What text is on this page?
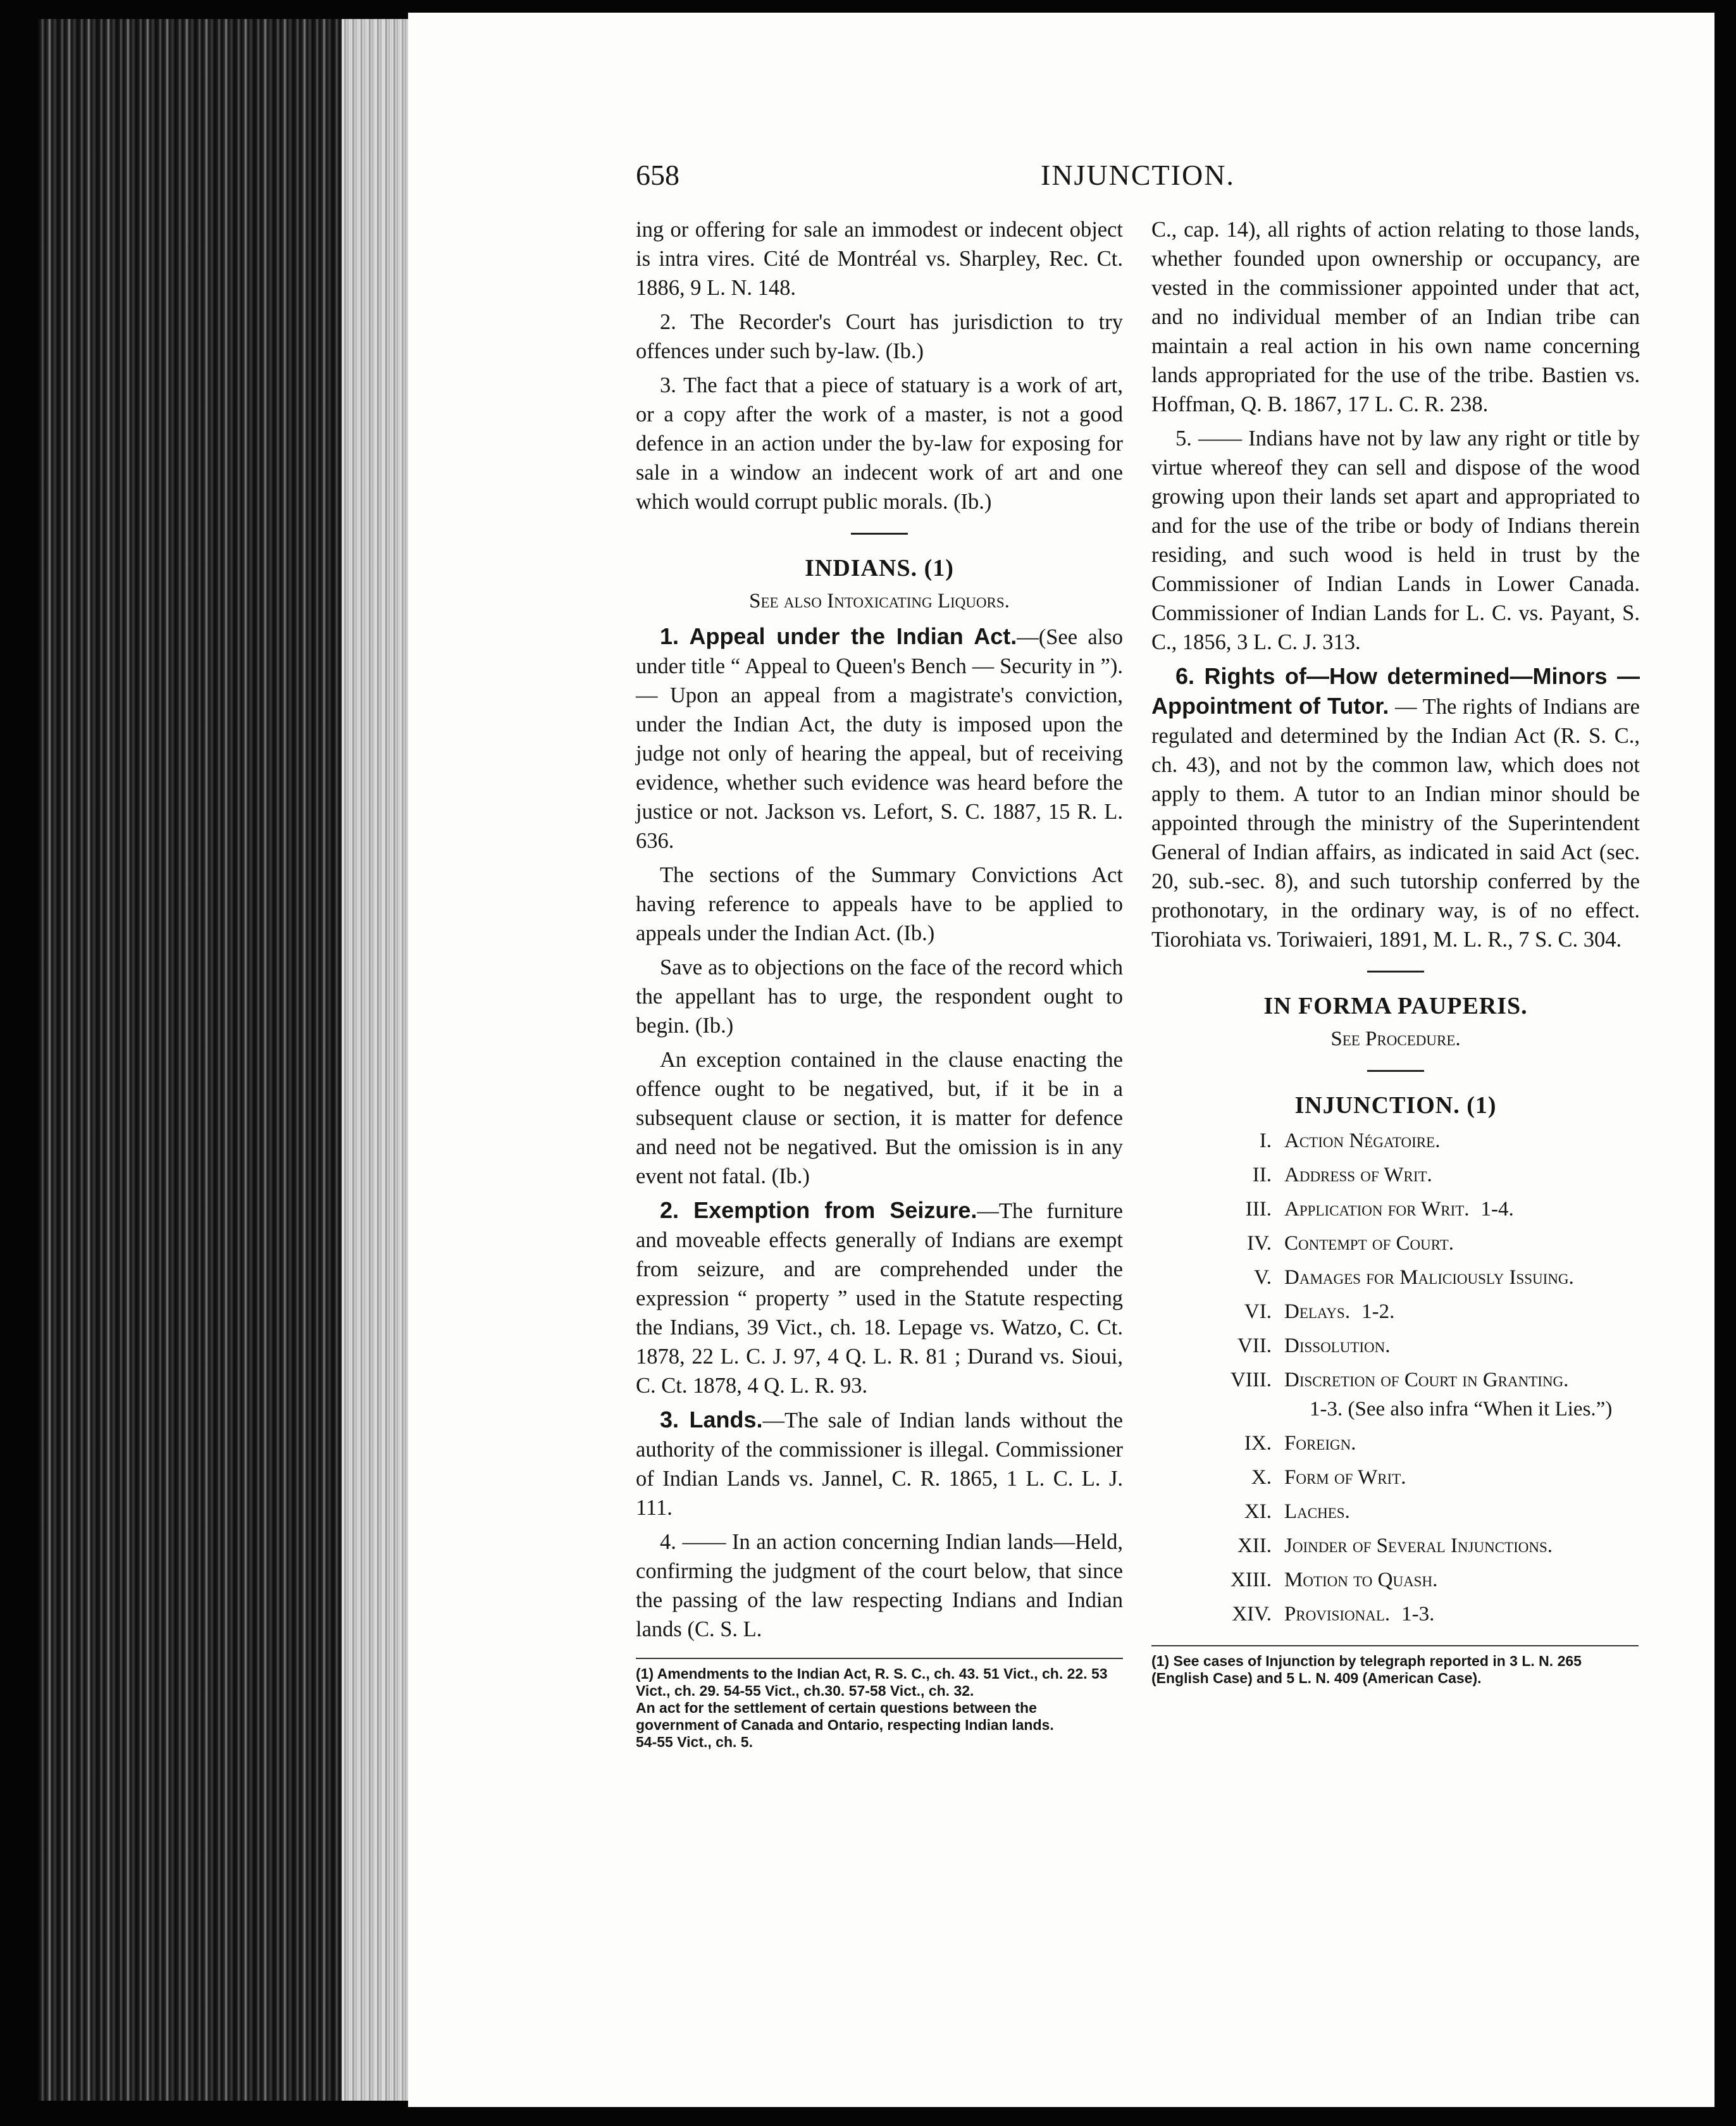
658	INJUNCTION.

ing or offering for sale an immodest or indecent object is intra vires. Cité de Montréal vs. Sharpley, Rec. Ct. 1886, 9 L. N. 148.

2. The Recorder's Court has jurisdiction to try offences under such by-law. (Ib.)

3. The fact that a piece of statuary is a work of art, or a copy after the work of a master, is not a good defence in an action under the by-law for exposing for sale in a window an indecent work of art and one which would corrupt public morals. (Ib.)

INDIANS. (1)
See also Intoxicating Liquors.

1. Appeal under the Indian Act.—(See also under title “ Appeal to Queen's Bench — Security in ”). — Upon an appeal from a magistrate's conviction, under the Indian Act, the duty is imposed upon the judge not only of hearing the appeal, but of receiving evidence, whether such evidence was heard before the justice or not. Jackson vs. Lefort, S. C. 1887, 15 R. L. 636.

The sections of the Summary Convictions Act having reference to appeals have to be applied to appeals under the Indian Act. (Ib.)

Save as to objections on the face of the record which the appellant has to urge, the respondent ought to begin. (Ib.)

An exception contained in the clause enacting the offence ought to be negatived, but, if it be in a subsequent clause or section, it is matter for defence and need not be negatived. But the omission is in any event not fatal. (Ib.)

2. Exemption from Seizure.—The furniture and moveable effects generally of Indians are exempt from seizure, and are comprehended under the expression “ property ” used in the Statute respecting the Indians, 39 Vict., ch. 18. Lepage vs. Watzo, C. Ct. 1878, 22 L. C. J. 97, 4 Q. L. R. 81 ; Durand vs. Sioui, C. Ct. 1878, 4 Q. L. R. 93.

3. Lands.—The sale of Indian lands without the authority of the commissioner is illegal. Commissioner of Indian Lands vs. Jannel, C. R. 1865, 1 L. C. L. J. 111.

4. —— In an action concerning Indian lands—Held, confirming the judgment of the court below, that since the passing of the law respecting Indians and Indian lands (C. S. L.

(1) Amendments to the Indian Act, R. S. C., ch. 43. 51 Vict., ch. 22. 53 Vict., ch. 29. 54-55 Vict., ch.30. 57-58 Vict., ch. 32.
An act for the settlement of certain questions between the government of Canada and Ontario, respecting Indian lands.
54-55 Vict., ch. 5.

C., cap. 14), all rights of action relating to those lands, whether founded upon ownership or occupancy, are vested in the commissioner appointed under that act, and no individual member of an Indian tribe can maintain a real action in his own name concerning lands appropriated for the use of the tribe. Bastien vs. Hoffman, Q. B. 1867, 17 L. C. R. 238.

5. —— Indians have not by law any right or title by virtue whereof they can sell and dispose of the wood growing upon their lands set apart and appropriated to and for the use of the tribe or body of Indians therein residing, and such wood is held in trust by the Commissioner of Indian Lands in Lower Canada. Commissioner of Indian Lands for L. C. vs. Payant, S. C., 1856, 3 L. C. J. 313.

6. Rights of—How determined—Minors — Appointment of Tutor. — The rights of Indians are regulated and determined by the Indian Act (R. S. C., ch. 43), and not by the common law, which does not apply to them. A tutor to an Indian minor should be appointed through the ministry of the Superintendent General of Indian affairs, as indicated in said Act (sec. 20, sub.-sec. 8), and such tutorship conferred by the prothonotary, in the ordinary way, is of no effect. Tiorohiata vs. Toriwaieri, 1891, M. L. R., 7 S. C. 304.

IN FORMA PAUPERIS.
See Procedure.
INJUNCTION. (1)
I. Action Négatoire.
II. Address of Writ.
III. Application for Writ. 1-4.
IV. Contempt of Court.
V. Damages for Maliciously Issuing.
VI. Delays. 1-2.
VII. Dissolution.
VIII. Discretion of Court in Granting.
1-3. (See also infra “When it Lies.”)
IX. Foreign.
X. Form of Writ.
XI. Laches.
XII. Joinder of Several Injunctions.
XIII. Motion to Quash.
XIV. Provisional. 1-3.
(1) See cases of Injunction by telegraph reported in 3 L. N. 265 (English Case) and 5 L. N. 409 (American Case).
